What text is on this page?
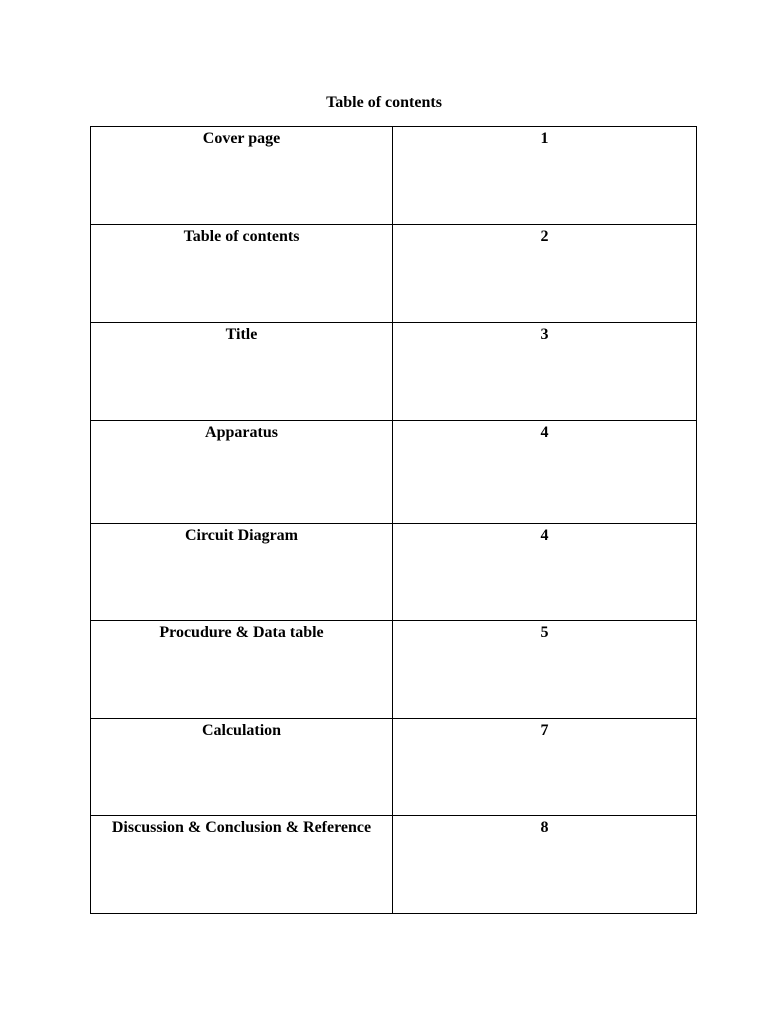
Table of contents
Cover page	1
Table of contents	2
Title	3
Apparatus	4
Circuit Diagram	4
Procudure & Data table	5
Calculation	7
Discussion & Conclusion & Reference	8
